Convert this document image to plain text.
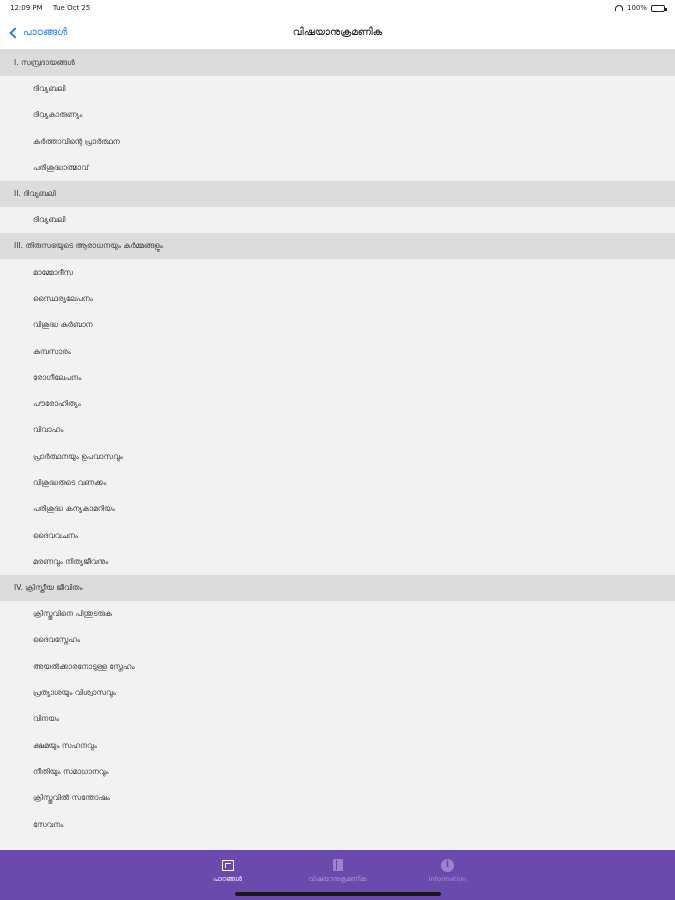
12:09 PM Tue Oct 25	100%
പാഠങ്ങൾ	വിഷയാനുക്രമണിക
I. സമ്പ്രദായങ്ങൾ
ദിവ്യബലി
ദിവ്യകാരുണ്യം
കർത്താവിന്റെ പ്രാർത്ഥന
പരിശുദ്ധാത്മാവ്
II. ദിവ്യബലി
ദിവ്യബലി
III. തിരുസഭയുടെ ആരാധനയും കർമ്മങ്ങളും
മാമ്മോദീസ
സ്ഥൈര്യലേപനം
വിശുദ്ധ കുർബാന
കുമ്പസാരം
രോഗീലേപനം
പൗരോഹിത്യം
വിവാഹം
പ്രാർത്ഥനയും ഉപവാസവും
വിശുദ്ധരുടെ വണക്കം
പരിശുദ്ധ കന്യകാമറിയം
ദൈവവചനം
മരണവും നിത്യജീവനും
IV. ക്രിസ്തീയ ജീവിതം
ക്രിസ്തുവിനെ പിന്തുടരുക
ദൈവസ്നേഹം
അയൽക്കാരനോടുള്ള സ്നേഹം
പ്രത്യാശയും വിശ്വാസവും
വിനയം
ക്ഷമയും സഹനവും
നീതിയും സമാധാനവും
ക്രിസ്തുവിൽ സന്തോഷം
സേവനം
പാഠങ്ങൾ	വിഷയാനുക്രമണിക
i
Information
